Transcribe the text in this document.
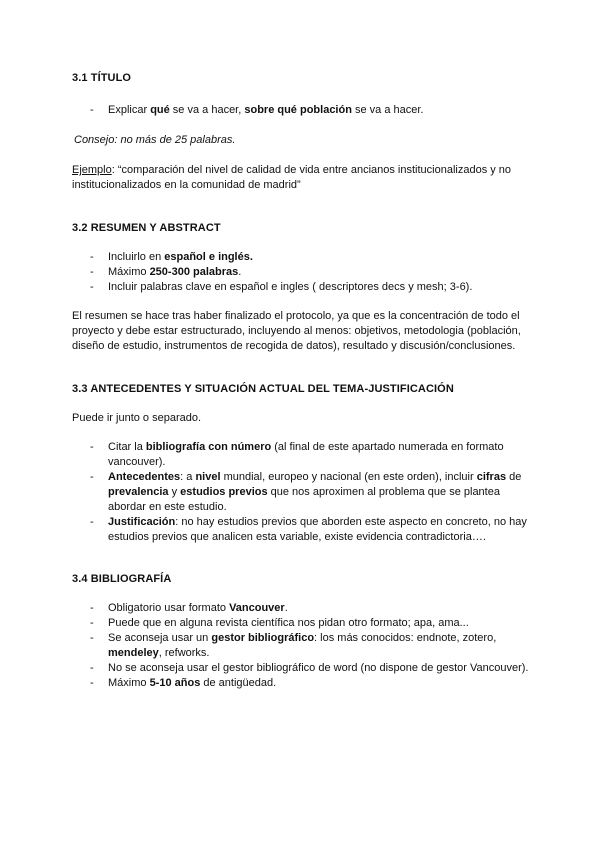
3.1 TÍTULO

- Explicar qué se va a hacer, sobre qué población se va a hacer.

Consejo: no más de 25 palabras.

Ejemplo: “comparación del nivel de calidad de vida entre ancianos institucionalizados y no institucionalizados en la comunidad de madrid”

3.2 RESUMEN Y ABSTRACT

- Incluirlo en español e inglés.
- Máximo 250-300 palabras.
- Incluir palabras clave en español e ingles ( descriptores decs y mesh; 3-6).

El resumen se hace tras haber finalizado el protocolo, ya que es la concentración de todo el proyecto y debe estar estructurado, incluyendo al menos: objetivos, metodologia (población, diseño de estudio, instrumentos de recogida de datos), resultado y discusión/conclusiones.

3.3 ANTECEDENTES Y SITUACIÓN ACTUAL DEL TEMA-JUSTIFICACIÓN

Puede ir junto o separado.

- Citar la bibliografía con número (al final de este apartado numerada en formato vancouver).
- Antecedentes: a nivel mundial, europeo y nacional (en este orden), incluir cifras de prevalencia y estudios previos que nos aproximen al problema que se plantea abordar en este estudio.
- Justificación: no hay estudios previos que aborden este aspecto en concreto, no hay estudios previos que analicen esta variable, existe evidencia contradictoria….

3.4 BIBLIOGRAFÍA

- Obligatorio usar formato Vancouver.
- Puede que en alguna revista científica nos pidan otro formato; apa, ama...
- Se aconseja usar un gestor bibliográfico: los más conocidos: endnote, zotero, mendeley, refworks.
- No se aconseja usar el gestor bibliográfico de word (no dispone de gestor Vancouver).
- Máximo 5-10 años de antigüedad.
